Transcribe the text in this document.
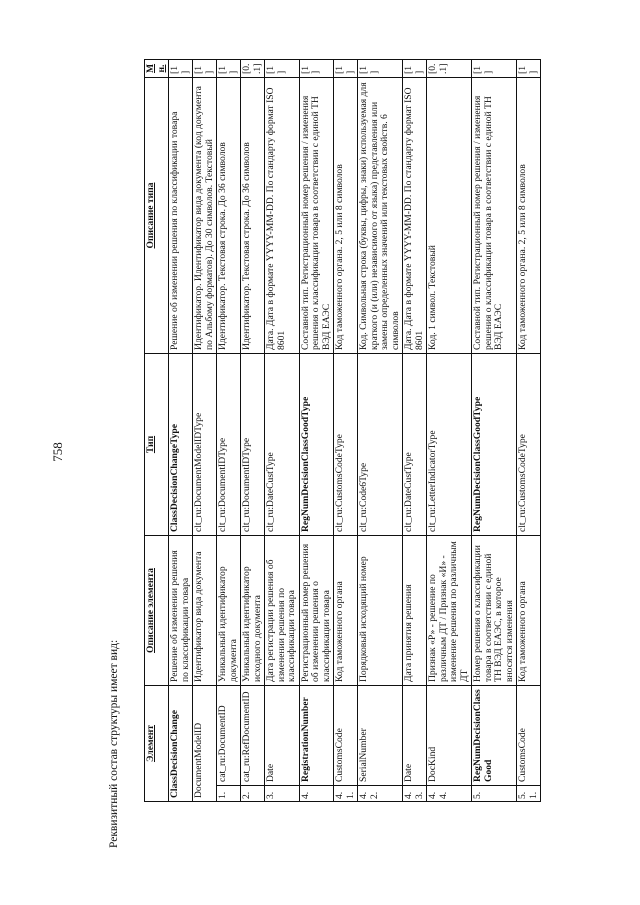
758
Реквизитный состав структуры имеет вид:	Элемент		Описание элемента	Тип	Описание типа	Мн.
ClassDecisionChange		Решение об изменении решения по классификации товара	ClassDecisionChangeType	Решение об изменении решения по классификации товара	[1]
DocumentModelID		Идентификатор вида документа	clt_ru:DocumentModelIDType	Идентификатор. Идентификатор вида документа (код документа по Альбому форматов). До 30 символов. Текстовый	[1]
1.	cat_ru:DocumentID	Уникальный идентификатор документа	clt_ru:DocumentIDType	Идентификатор. Текстовая строка. До 36 символов	[1]
2.	cat_ru:RefDocumentID	Уникальный идентификатор исходного документа	clt_ru:DocumentIDType	Идентификатор. Текстовая строка. До 36 символов	[0..1]
3.	Date	Дата регистрации решения об изменении решения по классификации товара	clt_ru:DateCustType	Дата. Дата в формате YYYY-MM-DD. По стандарту формат ISO 8601	[1]
4.	RegistrationNumber	Регистрационный номер решения об изменении решения о классификации товара	RegNumDecisionClassGoodType	Составной тип. Регистрационный номер решения / изменения решения о классификации товара в соответствии с единой ТН ВЭД ЕАЭС	[1]
4.1.	CustomsCode	Код таможенного органа	clt_ru:CustomsCodeType	Код таможенного органа. 2, 5 или 8 символов	[1]
4.2.	SerialNumber	Порядковый исходящий номер	clt_ru:Code6Type	Код. Символьная строка (буквы, цифры, знаки) используемая для краткого (и (или) независимого от языка) представления или замены определенных значений или текстовых свойств. 6 символов	[1]
4.3.	Date	Дата принятия решения	clt_ru:DateCustType	Дата. Дата в формате YYYY-MM-DD. По стандарту формат ISO 8601	[1]
4.4.	DocKind	Признак «Р» - решение по различным ДТ / Признак «И» - изменение решения по различным ДТ	clt_ru:LetterIndicatorType	Код. 1 символ. Текстовый	[0..1]
5.	RegNumDecisionClassGood	Номер решения о классификации товара в соответствии с единой ТН ВЭД ЕАЭС, в которое вносятся изменения	RegNumDecisionClassGoodType	Составной тип. Регистрационный номер решения / изменения решения о классификации товара в соответствии с единой ТН ВЭД ЕАЭС	[1]
5.1.	CustomsCode	Код таможенного органа	clt_ru:CustomsCodeType	Код таможенного органа. 2, 5 или 8 символов	[1]
